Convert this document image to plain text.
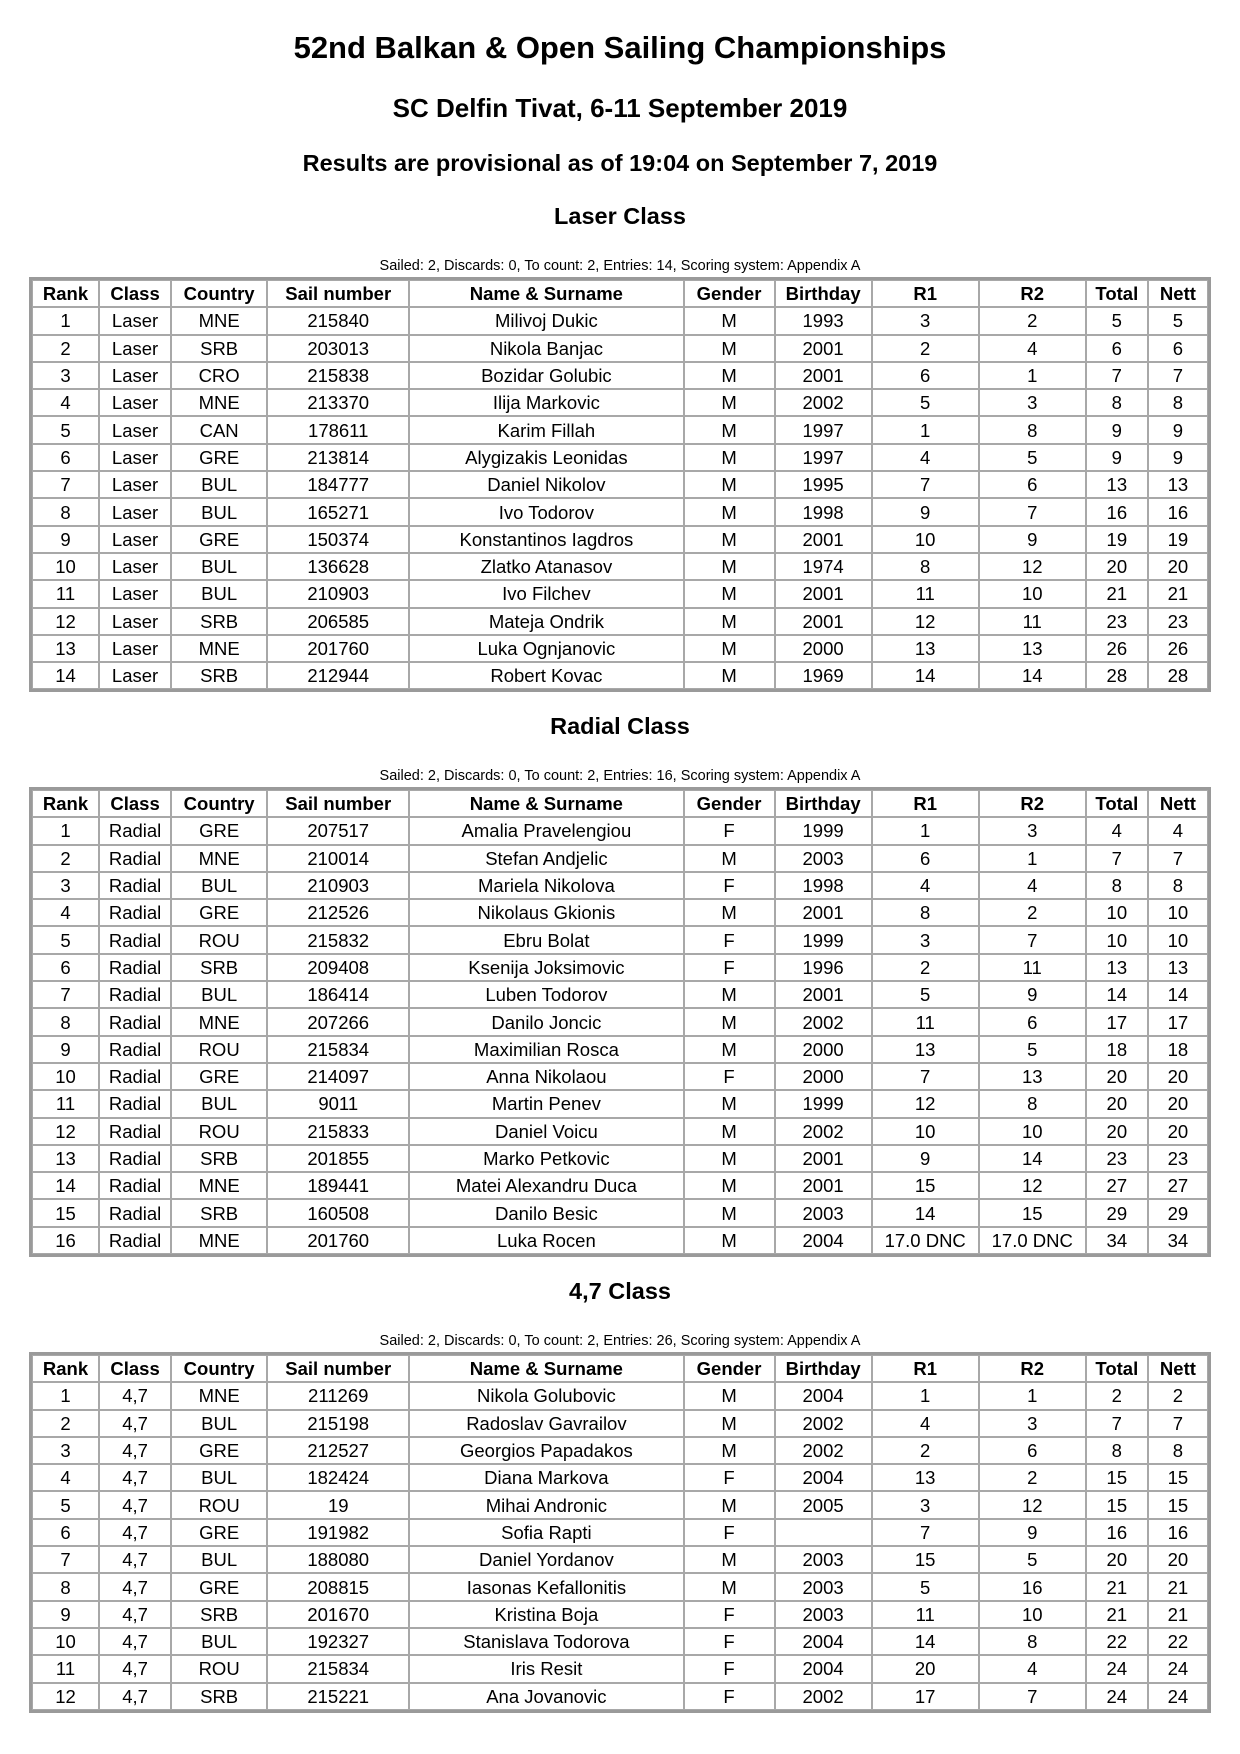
52nd Balkan & Open Sailing Championships
SC Delfin Tivat, 6-11 September 2019
Results are provisional as of 19:04 on September 7, 2019
Laser Class
Sailed: 2, Discards: 0, To count: 2, Entries: 14, Scoring system: Appendix A
Rank	Class	Country	Sail number	Name & Surname	Gender	Birthday	R1	R2	Total	Nett
1	Laser	MNE	215840	Milivoj Dukic	M	1993	3	2	5	5
2	Laser	SRB	203013	Nikola Banjac	M	2001	2	4	6	6
3	Laser	CRO	215838	Bozidar Golubic	M	2001	6	1	7	7
4	Laser	MNE	213370	Ilija Markovic	M	2002	5	3	8	8
5	Laser	CAN	178611	Karim Fillah	M	1997	1	8	9	9
6	Laser	GRE	213814	Alygizakis Leonidas	M	1997	4	5	9	9
7	Laser	BUL	184777	Daniel Nikolov	M	1995	7	6	13	13
8	Laser	BUL	165271	Ivo Todorov	M	1998	9	7	16	16
9	Laser	GRE	150374	Konstantinos Iagdros	M	2001	10	9	19	19
10	Laser	BUL	136628	Zlatko Atanasov	M	1974	8	12	20	20
11	Laser	BUL	210903	Ivo Filchev	M	2001	11	10	21	21
12	Laser	SRB	206585	Mateja Ondrik	M	2001	12	11	23	23
13	Laser	MNE	201760	Luka Ognjanovic	M	2000	13	13	26	26
14	Laser	SRB	212944	Robert Kovac	M	1969	14	14	28	28
Radial Class
Sailed: 2, Discards: 0, To count: 2, Entries: 16, Scoring system: Appendix A
Rank	Class	Country	Sail number	Name & Surname	Gender	Birthday	R1	R2	Total	Nett
1	Radial	GRE	207517	Amalia Pravelengiou	F	1999	1	3	4	4
2	Radial	MNE	210014	Stefan Andjelic	M	2003	6	1	7	7
3	Radial	BUL	210903	Mariela Nikolova	F	1998	4	4	8	8
4	Radial	GRE	212526	Nikolaus Gkionis	M	2001	8	2	10	10
5	Radial	ROU	215832	Ebru Bolat	F	1999	3	7	10	10
6	Radial	SRB	209408	Ksenija Joksimovic	F	1996	2	11	13	13
7	Radial	BUL	186414	Luben Todorov	M	2001	5	9	14	14
8	Radial	MNE	207266	Danilo Joncic	M	2002	11	6	17	17
9	Radial	ROU	215834	Maximilian Rosca	M	2000	13	5	18	18
10	Radial	GRE	214097	Anna Nikolaou	F	2000	7	13	20	20
11	Radial	BUL	9011	Martin Penev	M	1999	12	8	20	20
12	Radial	ROU	215833	Daniel Voicu	M	2002	10	10	20	20
13	Radial	SRB	201855	Marko Petkovic	M	2001	9	14	23	23
14	Radial	MNE	189441	Matei Alexandru Duca	M	2001	15	12	27	27
15	Radial	SRB	160508	Danilo Besic	M	2003	14	15	29	29
16	Radial	MNE	201760	Luka Rocen	M	2004	17.0 DNC	17.0 DNC	34	34
4,7 Class
Sailed: 2, Discards: 0, To count: 2, Entries: 26, Scoring system: Appendix A
Rank	Class	Country	Sail number	Name & Surname	Gender	Birthday	R1	R2	Total	Nett
1	4,7	MNE	211269	Nikola Golubovic	M	2004	1	1	2	2
2	4,7	BUL	215198	Radoslav Gavrailov	M	2002	4	3	7	7
3	4,7	GRE	212527	Georgios Papadakos	M	2002	2	6	8	8
4	4,7	BUL	182424	Diana Markova	F	2004	13	2	15	15
5	4,7	ROU	19	Mihai Andronic	M	2005	3	12	15	15
6	4,7	GRE	191982	Sofia Rapti	F		7	9	16	16
7	4,7	BUL	188080	Daniel Yordanov	M	2003	15	5	20	20
8	4,7	GRE	208815	Iasonas Kefallonitis	M	2003	5	16	21	21
9	4,7	SRB	201670	Kristina Boja	F	2003	11	10	21	21
10	4,7	BUL	192327	Stanislava Todorova	F	2004	14	8	22	22
11	4,7	ROU	215834	Iris Resit	F	2004	20	4	24	24
12	4,7	SRB	215221	Ana Jovanovic	F	2002	17	7	24	24
